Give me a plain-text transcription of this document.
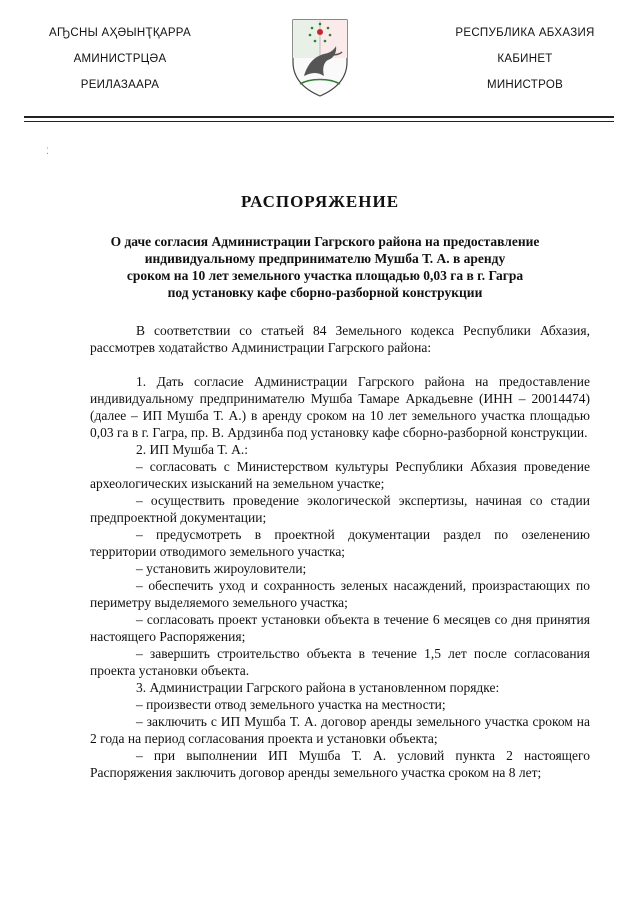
АҦСНЫ АҲӘЫНҬҚАРРА
АМИНИСТРЦӘА
РЕИЛАЗААРА
РЕСПУБЛИКА АБХАЗИЯ
КАБИНЕТ
МИНИСТРОВ
⁚
РАСПОРЯЖЕНИЕ
О даче согласия Администрации Гагрского района на предоставление
индивидуальному предпринимателю Мушба Т. А. в аренду
сроком на 10 лет земельного участка площадью 0,03 га в г. Гагра
под установку кафе сборно-разборной конструкции

В соответствии со статьей 84 Земельного кодекса Республики Абхазия, рассмотрев ходатайство Администрации Гагрского района:

1. Дать согласие Администрации Гагрского района на предоставление индивидуальному предпринимателю Мушба Тамаре Аркадьевне (ИНН – 20014474) (далее – ИП Мушба Т. А.) в аренду сроком на 10 лет земельного участка площадью 0,03 га в г. Гагра, пр. В. Ардзинба под установку кафе сборно-разборной конструкции.

2. ИП Мушба Т. А.:

– согласовать с Министерством культуры Республики Абхазия проведение археологических изысканий на земельном участке;

– осуществить проведение экологической экспертизы, начиная со стадии предпроектной документации;

– предусмотреть в проектной документации раздел по озеленению территории отводимого земельного участка;

– установить жироуловители;

– обеспечить уход и сохранность зеленых насаждений, произрастающих по периметру выделяемого земельного участка;

– согласовать проект установки объекта в течение 6 месяцев со дня принятия настоящего Распоряжения;

– завершить строительство объекта в течение 1,5 лет после согласования проекта установки объекта.

3. Администрации Гагрского района в установленном порядке:

– произвести отвод земельного участка на местности;

– заключить с ИП Мушба Т. А. договор аренды земельного участка сроком на 2 года на период согласования проекта и установки объекта;

– при выполнении ИП Мушба Т. А. условий пункта 2 настоящего Распоряжения заключить договор аренды земельного участка сроком на 8 лет;
